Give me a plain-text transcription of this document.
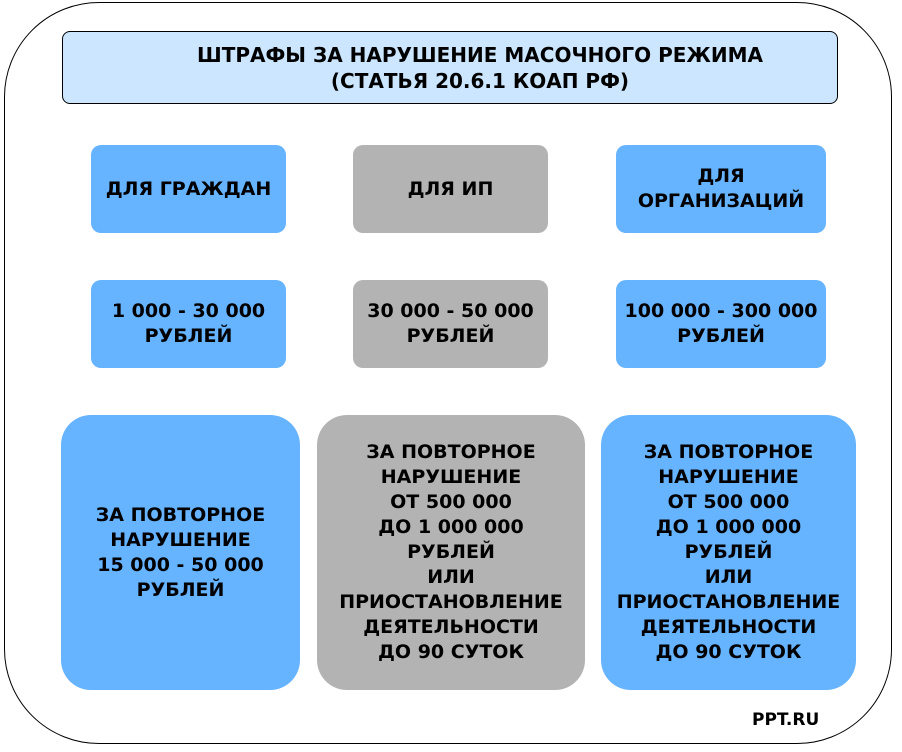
ШТРАФЫ ЗА НАРУШЕНИЕ МАСОЧНОГО РЕЖИМА
(СТАТЬЯ 20.6.1 КОАП РФ)
ДЛЯ ГРАЖДАН
1 000 - 30 000
РУБЛЕЙ
ЗА ПОВТОРНОЕ
НАРУШЕНИЕ
15 000 - 50 000
РУБЛЕЙ
ДЛЯ ИП
30 000 - 50 000
РУБЛЕЙ
ЗА ПОВТОРНОЕ
НАРУШЕНИЕ
ОТ 500 000
ДО 1 000 000
РУБЛЕЙ
ИЛИ
ПРИОСТАНОВЛЕНИЕ
ДЕЯТЕЛЬНОСТИ
ДО 90 СУТОК
ДЛЯ
ОРГАНИЗАЦИЙ
100 000 - 300 000
РУБЛЕЙ
ЗА ПОВТОРНОЕ
НАРУШЕНИЕ
ОТ 500 000
ДО 1 000 000
РУБЛЕЙ
ИЛИ
ПРИОСТАНОВЛЕНИЕ
ДЕЯТЕЛЬНОСТИ
ДО 90 СУТОК
PPT.RU
